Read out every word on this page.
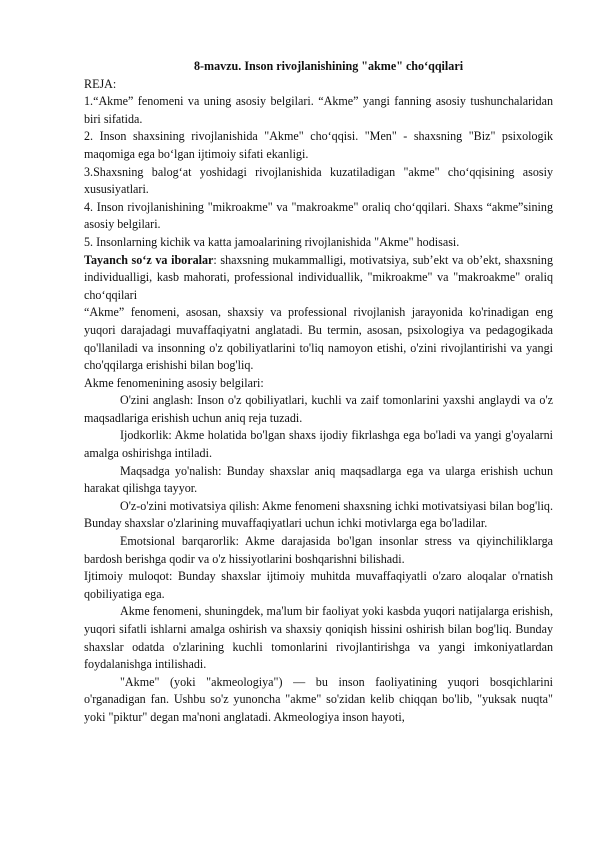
8-mavzu. Inson rivojlanishining "akme" cho‘qqilari

REJA:

1.“Akme” fenomeni va uning asosiy belgilari. “Akme” yangi fanning asosiy tushunchalaridan biri sifatida.

2. Inson shaxsining rivojlanishida "Akme" cho‘qqisi. "Men" - shaxsning "Biz" psixologik maqomiga ega bo‘lgan ijtimoiy sifati ekanligi.

3.Shaxsning balog‘at yoshidagi rivojlanishida kuzatiladigan "akme" cho‘qqisining asosiy xususiyatlari.

4. Inson rivojlanishining "mikroakme" va "makroakme" oraliq cho‘qqilari. Shaxs “akme”sining asosiy belgilari.

5. Insonlarning kichik va katta jamoalarining rivojlanishida "Akme" hodisasi.

Tayanch so‘z va iboralar: shaxsning mukammalligi, motivatsiya, sub’ekt va ob’ekt, shaxsning individualligi, kasb mahorati, professional individuallik, "mikroakme" va "makroakme" oraliq cho‘qqilari

“Akme” fenomeni, asosan, shaxsiy va professional rivojlanish jarayonida ko'rinadigan eng yuqori darajadagi muvaffaqiyatni anglatadi. Bu termin, asosan, psixologiya va pedagogikada qo'llaniladi va insonning o'z qobiliyatlarini to'liq namoyon etishi, o'zini rivojlantirishi va yangi cho'qqilarga erishishi bilan bog'liq.

Akme fenomenining asosiy belgilari:

O'zini anglash: Inson o'z qobiliyatlari, kuchli va zaif tomonlarini yaxshi anglaydi va o'z maqsadlariga erishish uchun aniq reja tuzadi.

Ijodkorlik: Akme holatida bo'lgan shaxs ijodiy fikrlashga ega bo'ladi va yangi g'oyalarni amalga oshirishga intiladi.

Maqsadga yo'nalish: Bunday shaxslar aniq maqsadlarga ega va ularga erishish uchun harakat qilishga tayyor.

O'z-o'zini motivatsiya qilish: Akme fenomeni shaxsning ichki motivatsiyasi bilan bog'liq. Bunday shaxslar o'zlarining muvaffaqiyatlari uchun ichki motivlarga ega bo'ladilar.

Emotsional barqarorlik: Akme darajasida bo'lgan insonlar stress va qiyinchiliklarga bardosh berishga qodir va o'z hissiyotlarini boshqarishni bilishadi.

Ijtimoiy muloqot: Bunday shaxslar ijtimoiy muhitda muvaffaqiyatli o'zaro aloqalar o'rnatish qobiliyatiga ega.

Akme fenomeni, shuningdek, ma'lum bir faoliyat yoki kasbda yuqori natijalarga erishish, yuqori sifatli ishlarni amalga oshirish va shaxsiy qoniqish hissini oshirish bilan bog'liq. Bunday shaxslar odatda o'zlarining kuchli tomonlarini rivojlantirishga va yangi imkoniyatlardan foydalanishga intilishadi.

"Akme" (yoki "akmeologiya") — bu inson faoliyatining yuqori bosqichlarini o'rganadigan fan. Ushbu so'z yunoncha "akme" so'zidan kelib chiqqan bo'lib, "yuksak nuqta" yoki "piktur" degan ma'noni anglatadi. Akmeologiya inson hayoti,
